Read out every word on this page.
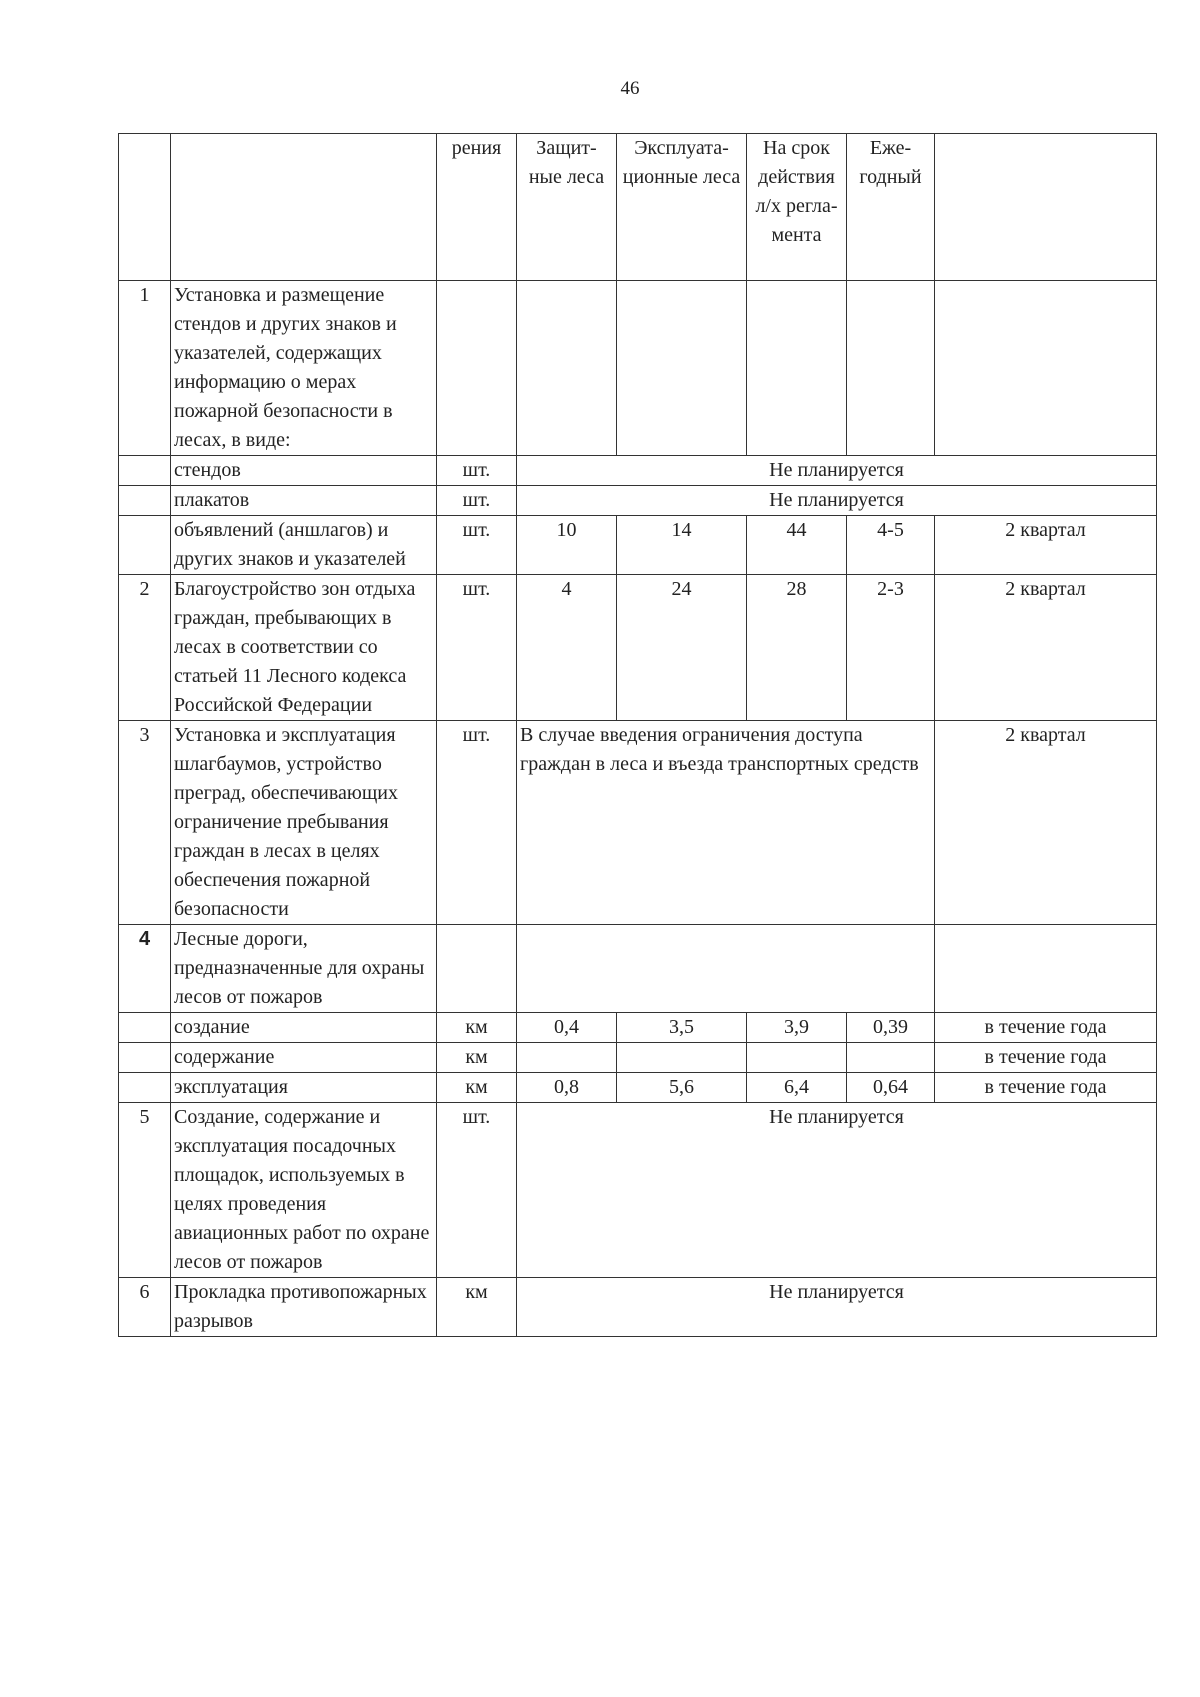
46
		рения	Защит-ные леса	Эксплуата-ционные леса	На срок действия л/х регла-мента	Еже-годный	
1	Установка и размещение стендов и других знаков и указателей, содержащих информацию о мерах пожарной безопасности в лесах, в виде:						
	стендов	шт.	Не планируется				
	плакатов	шт.	Не планируется				
	объявлений (аншлагов) и других знаков и указателей	шт.	10	14	44	4-5	2 квартал
2	Благоустройство зон отдыха граждан, пребывающих в лесах в соответствии со статьей 11 Лесного кодекса Российской Федерации	шт.	4	24	28	2-3	2 квартал
3	Установка и эксплуатация шлагбаумов, устройство преград, обеспечивающих ограничение пребывания граждан в лесах в целях обеспечения пожарной безопасности	шт.	В случае введения ограничения доступа граждан в леса и въезда транспортных средств				2 квартал
4	Лесные дороги, предназначенные для охраны лесов от пожаров						
	создание	км	0,4	3,5	3,9	0,39	в течение года
	содержание	км					в течение года
	эксплуатация	км	0,8	5,6	6,4	0,64	в течение года
5	Создание, содержание и эксплуатация посадочных площадок, используемых в целях проведения авиационных работ по охране лесов от пожаров	шт.	Не планируется				
6	Прокладка противопожарных разрывов	км	Не планируется				
